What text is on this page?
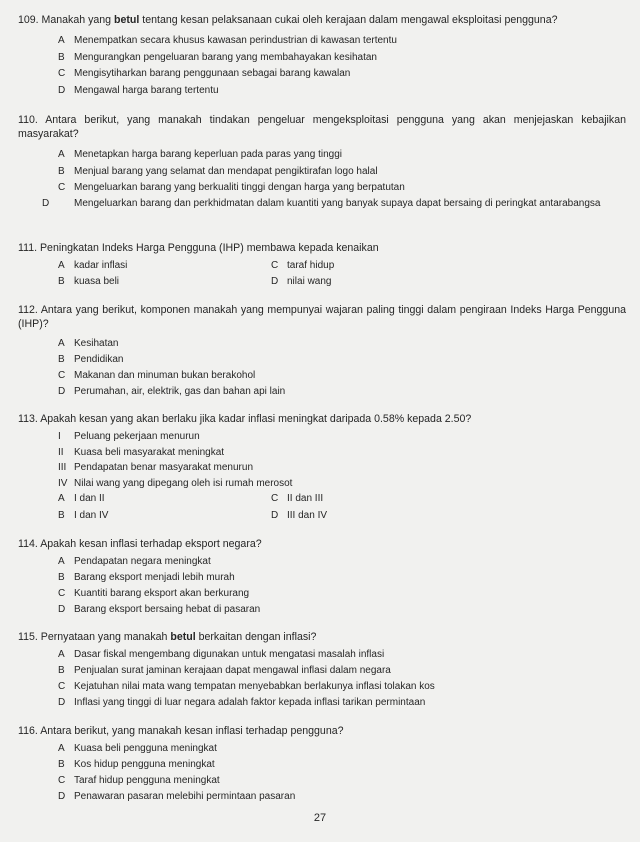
109. Manakah yang betul tentang kesan pelaksanaan cukai oleh kerajaan dalam mengawal eksploitasi pengguna?
A Menempatkan secara khusus kawasan perindustrian di kawasan tertentu
B Mengurangkan pengeluaran barang yang membahayakan kesihatan
C Mengisytiharkan barang penggunaan sebagai barang kawalan
D Mengawal harga barang tertentu
110. Antara berikut, yang manakah tindakan pengeluar mengeksploitasi pengguna yang akan menjejaskan kebajikan masyarakat?
A Menetapkan harga barang keperluan pada paras yang tinggi
B Menjual barang yang selamat dan mendapat pengiktirafan logo halal
C Mengeluarkan barang yang berkualiti tinggi dengan harga yang berpatutan
D Mengeluarkan barang dan perkhidmatan dalam kuantiti yang banyak supaya dapat bersaing di peringkat antarabangsa
111. Peningkatan Indeks Harga Pengguna (IHP) membawa kepada kenaikan
A kadar inflasi
B kuasa beli
C taraf hidup
D nilai wang
112. Antara yang berikut, komponen manakah yang mempunyai wajaran paling tinggi dalam pengiraan Indeks Harga Pengguna (IHP)?
A Kesihatan
B Pendidikan
C Makanan dan minuman bukan berakohol
D Perumahan, air, elektrik, gas dan bahan api lain
113. Apakah kesan yang akan berlaku jika kadar inflasi meningkat daripada 0.58% kepada 2.50?
I Peluang pekerjaan menurun
II Kuasa beli masyarakat meningkat
III Pendapatan benar masyarakat menurun
IV Nilai wang yang dipegang oleh isi rumah merosot
A I dan II
B I dan IV
C II dan III
D III dan IV
114. Apakah kesan inflasi terhadap eksport negara?
A Pendapatan negara meningkat
B Barang eksport menjadi lebih murah
C Kuantiti barang eksport akan berkurang
D Barang eksport bersaing hebat di pasaran
115. Pernyataan yang manakah betul berkaitan dengan inflasi?
A Dasar fiskal mengembang digunakan untuk mengatasi masalah inflasi
B Penjualan surat jaminan kerajaan dapat mengawal inflasi dalam negara
C Kejatuhan nilai mata wang tempatan menyebabkan berlakunya inflasi tolakan kos
D Inflasi yang tinggi di luar negara adalah faktor kepada inflasi tarikan permintaan
116. Antara berikut, yang manakah kesan inflasi terhadap pengguna?
A Kuasa beli pengguna meningkat
B Kos hidup pengguna meningkat
C Taraf hidup pengguna meningkat
D Penawaran pasaran melebihi permintaan pasaran
27
